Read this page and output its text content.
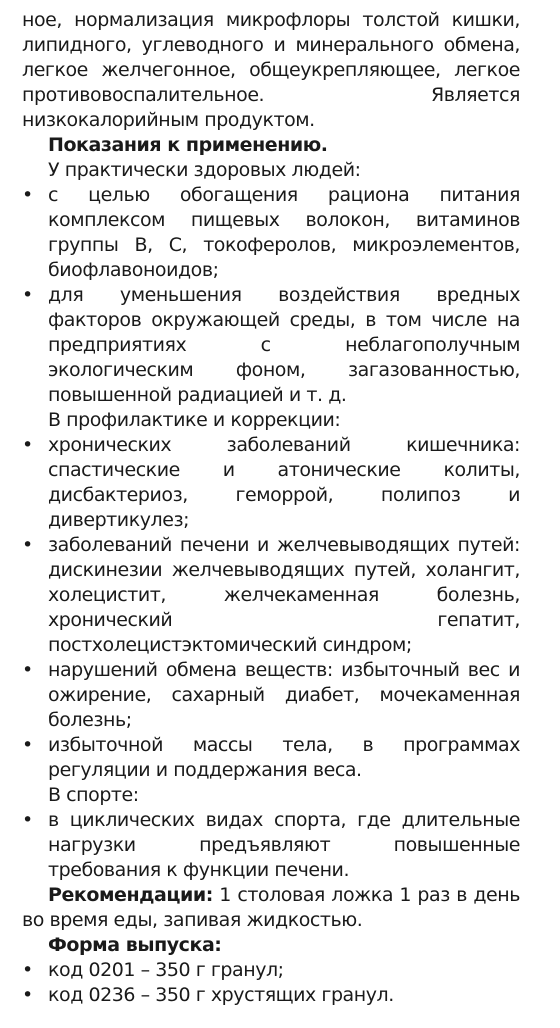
ное, нормализация микрофлоры толстой кишки, липидного, углеводного и минерального обмена, легкое желчегонное, общеукрепляющее, легкое противовоспалительное. Является низкокалорийным продуктом.

Показания к применению.

У практически здоровых людей:

• с целью обогащения рациона питания комплексом пищевых волокон, витаминов группы В, С, токоферолов, микроэлементов, биофлавоноидов;
• для уменьшения воздействия вредных факторов окружающей среды, в том числе на предприятиях с неблагополучным экологическим фоном, загазованностью, повышенной радиацией и т. д.

В профилактике и коррекции:

• хронических заболеваний кишечника: спастические и атонические колиты, дисбактериоз, геморрой, полипоз и дивертикулез;
• заболеваний печени и желчевыводящих путей: дискинезии желчевыводящих путей, холангит, холецистит, желчекаменная болезнь, хронический гепатит, постхолецистэктомический синдром;
• нарушений обмена веществ: избыточный вес и ожирение, сахарный диабет, мочекаменная болезнь;
• избыточной массы тела, в программах регуляции и поддержания веса.

В спорте:

• в циклических видах спорта, где длительные нагрузки предъявляют повышенные требования к функции печени.

Рекомендации: 1 столовая ложка 1 раз в день во время еды, запивая жидкостью.

Форма выпуска:

• код 0201 – 350 г гранул;
• код 0236 – 350 г хрустящих гранул.
